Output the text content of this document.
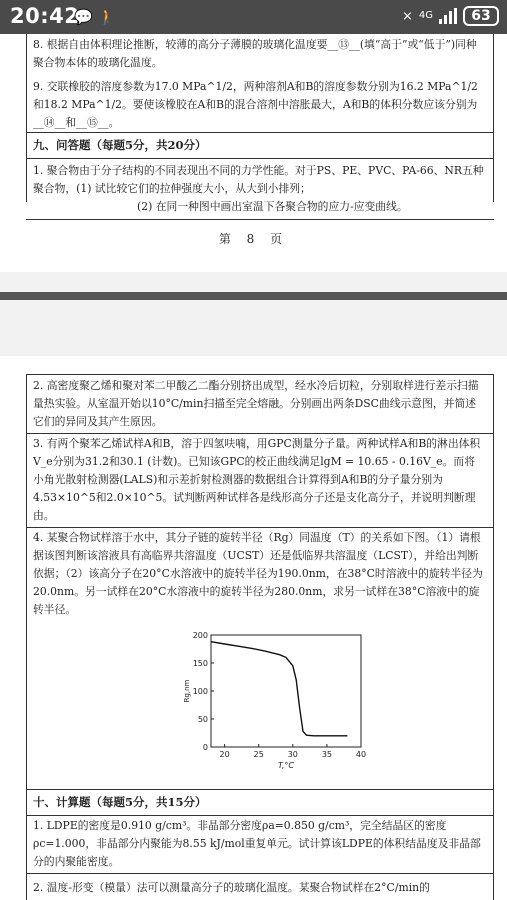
20:42
💬 🚶	⨯ 4G	63
8. 根据自由体积理论推断，较薄的高分子薄膜的玻璃化温度要__⑬__(填“高于”或“低于”)同种聚合物本体的玻璃化温度。
9. 交联橡胶的溶度参数为17.0 MPa^1/2，两种溶剂A和B的溶度参数分别为16.2 MPa^1/2和18.2 MPa^1/2。要使该橡胶在A和B的混合溶剂中溶胀最大，A和B的体积分数应该分别为__⑭__和__⑮__。
九、问答题（每题5分，共20分）
1. 聚合物由于分子结构的不同表现出不同的力学性能。对于PS、PE、PVC、PA-66、NR五种聚合物，(1) 试比较它们的拉伸强度大小，从大到小排列；
(2) 在同一种图中画出室温下各聚合物的应力-应变曲线。
第 8 页
2. 高密度聚乙烯和聚对苯二甲酸乙二酯分别挤出成型，经水冷后切粒，分别取样进行差示扫描量热实验。从室温开始以10°C/min扫描至完全熔融。分别画出两条DSC曲线示意图，并简述它们的异同及其产生原因。
3. 有两个聚苯乙烯试样A和B，溶于四氢呋喃，用GPC测量分子量。两种试样A和B的淋出体积V_e分别为31.2和30.1 (计数)。已知该GPC的校正曲线满足lgM = 10.65 - 0.16V_e。而将小角光散射检测器(LALS)和示差折射检测器的数据组合计算得到A和B的分子量分别为4.53×10^5和2.0×10^5。试判断两种试样各是线形高分子还是支化高分子，并说明判断理由。
4. 某聚合物试样溶于水中，其分子链的旋转半径（Rg）同温度（T）的关系如下图。（1）请根据该图判断该溶液具有高临界共溶温度（UCST）还是低临界共溶温度（LCST），并给出判断依据；（2）该高分子在20°C水溶液中的旋转半径为190.0nm，在38°C时溶液中的旋转半径为20.0nm。另一试样在20°C水溶液中的旋转半径为280.0nm，求另一试样在38°C溶液中的旋转半径。
0
50
100
150
200
20	25	30	35	40
T,°C
Rg,nm
十、计算题（每题5分，共15分）
1. LDPE的密度是0.910 g/cm³。非晶部分密度ρa=0.850 g/cm³，完全结晶区的密度ρc=1.000，非晶部分内聚能为8.55 kJ/mol重复单元。试计算该LDPE的体积结晶度及非晶部分的内聚能密度。
2. 温度-形变（模量）法可以测量高分子的玻璃化温度。某聚合物试样在2°C/min的
